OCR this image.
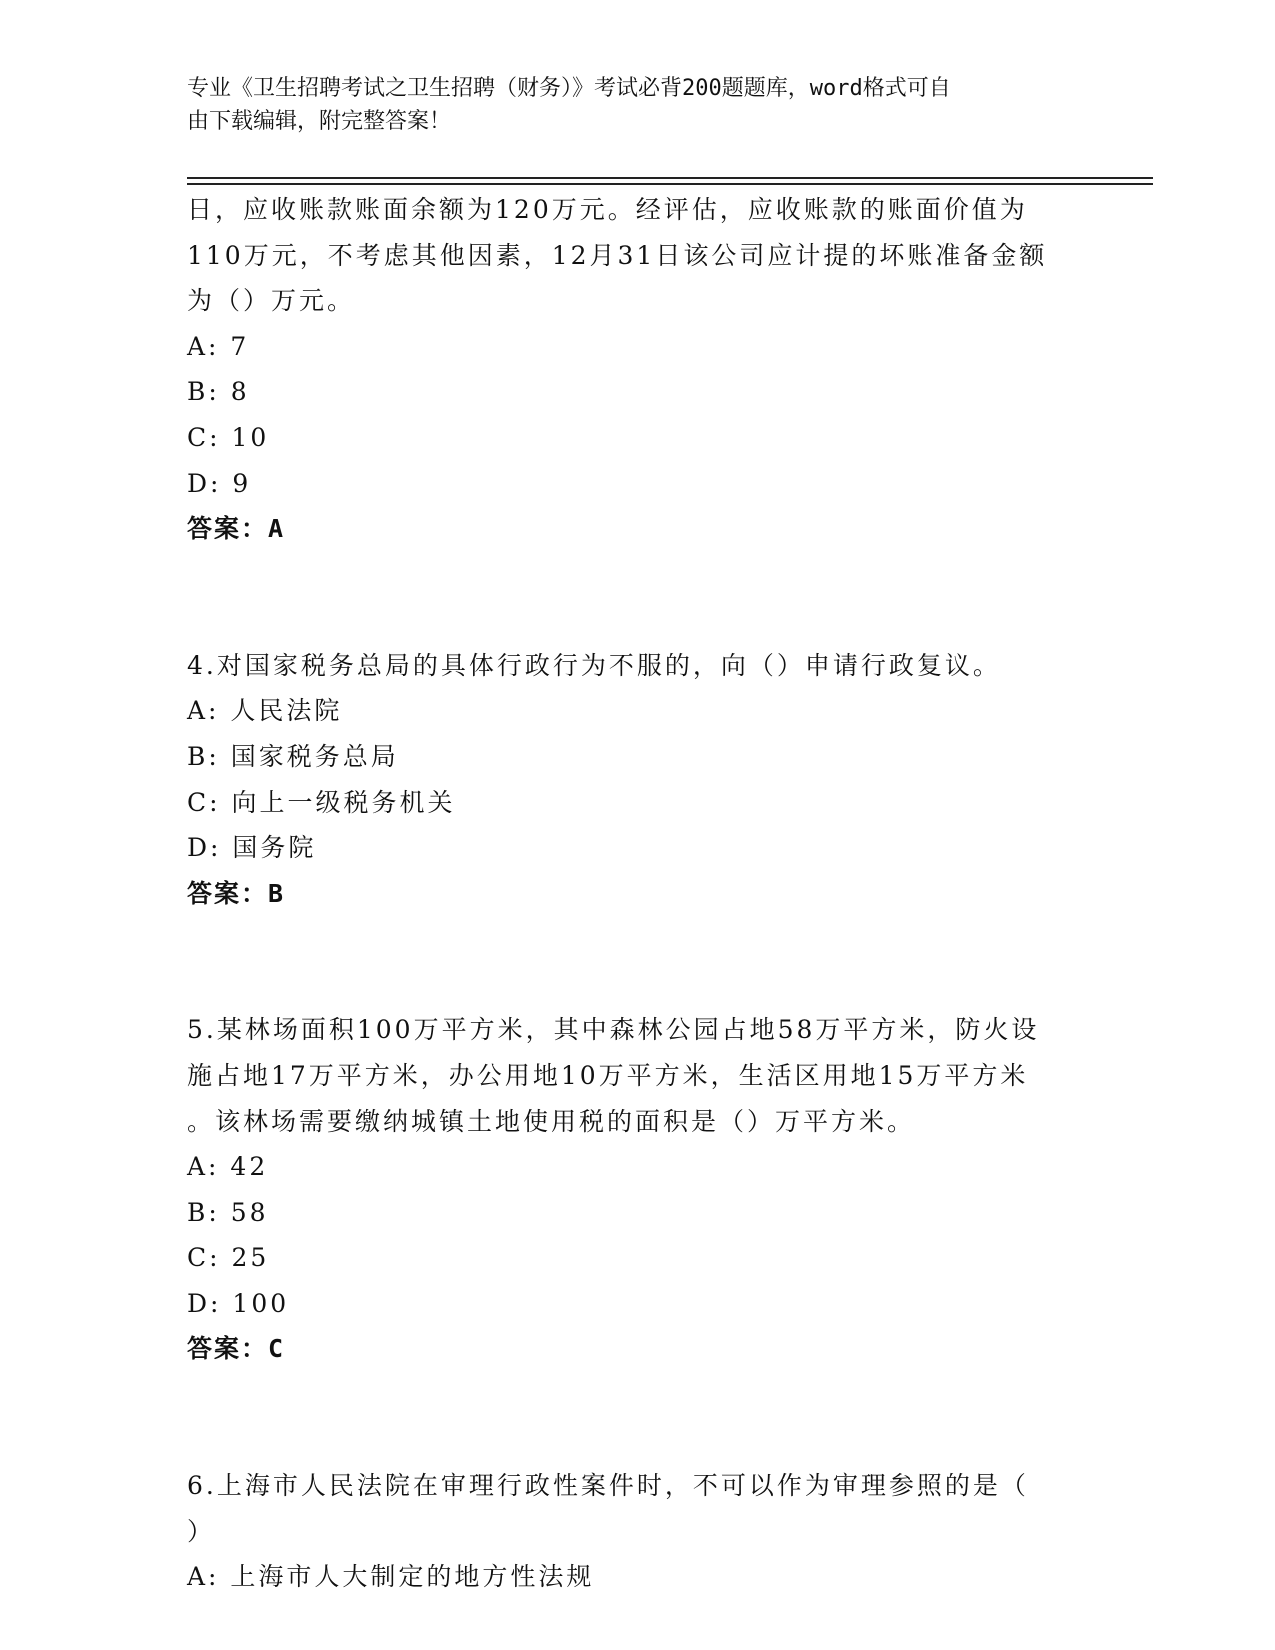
专业《卫生招聘考试之卫生招聘（财务）》考试必背200题题库，word格式可自
由下载编辑，附完整答案！
日，应收账款账面余额为120万元。经评估，应收账款的账面价值为
110万元，不考虑其他因素，12月31日该公司应计提的坏账准备金额
为（）万元。
A: 7
B: 8
C: 10
D: 9
答案：A
4.对国家税务总局的具体行政行为不服的，向（）申请行政复议。
A: 人民法院
B: 国家税务总局
C: 向上一级税务机关
D: 国务院
答案：B
5.某林场面积100万平方米，其中森林公园占地58万平方米，防火设
施占地17万平方米，办公用地10万平方米，生活区用地15万平方米
。该林场需要缴纳城镇土地使用税的面积是（）万平方米。
A: 42
B: 58
C: 25
D: 100
答案：C
6.上海市人民法院在审理行政性案件时，不可以作为审理参照的是（
）
A: 上海市人大制定的地方性法规
